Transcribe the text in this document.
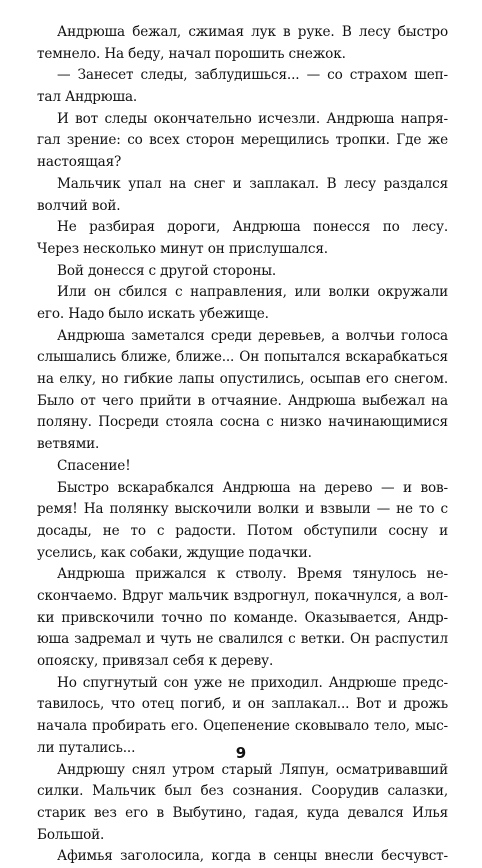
Андрюша бежал, сжимая лук в руке. В лесу быстро
темнело. На беду, начал порошить снежок.
— Занесет следы, заблудишься... — со страхом шеп-
тал Андрюша.
И вот следы окончательно исчезли. Андрюша напря-
гал зрение: со всех сторон мерещились тропки. Где же
настоящая?
Мальчик упал на снег и заплакал. В лесу раздался
волчий вой.
Не разбирая дороги, Андрюша понесся по лесу.
Через несколько минут он прислушался.
Вой донесся с другой стороны.
Или он сбился с направления, или волки окружали
его. Надо было искать убежище.
Андрюша заметался среди деревьев, а волчьи голоса
слышались ближе, ближе... Он попытался вскарабкаться
на елку, но гибкие лапы опустились, осыпав его снегом.
Было от чего прийти в отчаяние. Андрюша выбежал на
поляну. Посреди стояла сосна с низко начинающимися
ветвями.
Спасение!
Быстро вскарабкался Андрюша на дерево — и вов-
ремя! На полянку выскочили волки и взвыли — не то с
досады, не то с радости. Потом обступили сосну и
уселись, как собаки, ждущие подачки.
Андрюша прижался к стволу. Время тянулось не-
скончаемо. Вдруг мальчик вздрогнул, покачнулся, а вол-
ки привскочили точно по команде. Оказывается, Андр-
юша задремал и чуть не свалился с ветки. Он распустил
опояску, привязал себя к дереву.
Но спугнутый сон уже не приходил. Андрюше предс-
тавилось, что отец погиб, и он заплакал... Вот и дрожь
начала пробирать его. Оцепенение сковывало тело, мыс-
ли путались...
Андрюшу снял утром старый Ляпун, осматривавший
силки. Мальчик был без сознания. Соорудив салазки,
старик вез его в Выбутино, гадая, куда девался Илья
Большой.
Афимья заголосила, когда в сенцы внесли бесчувст-
9
